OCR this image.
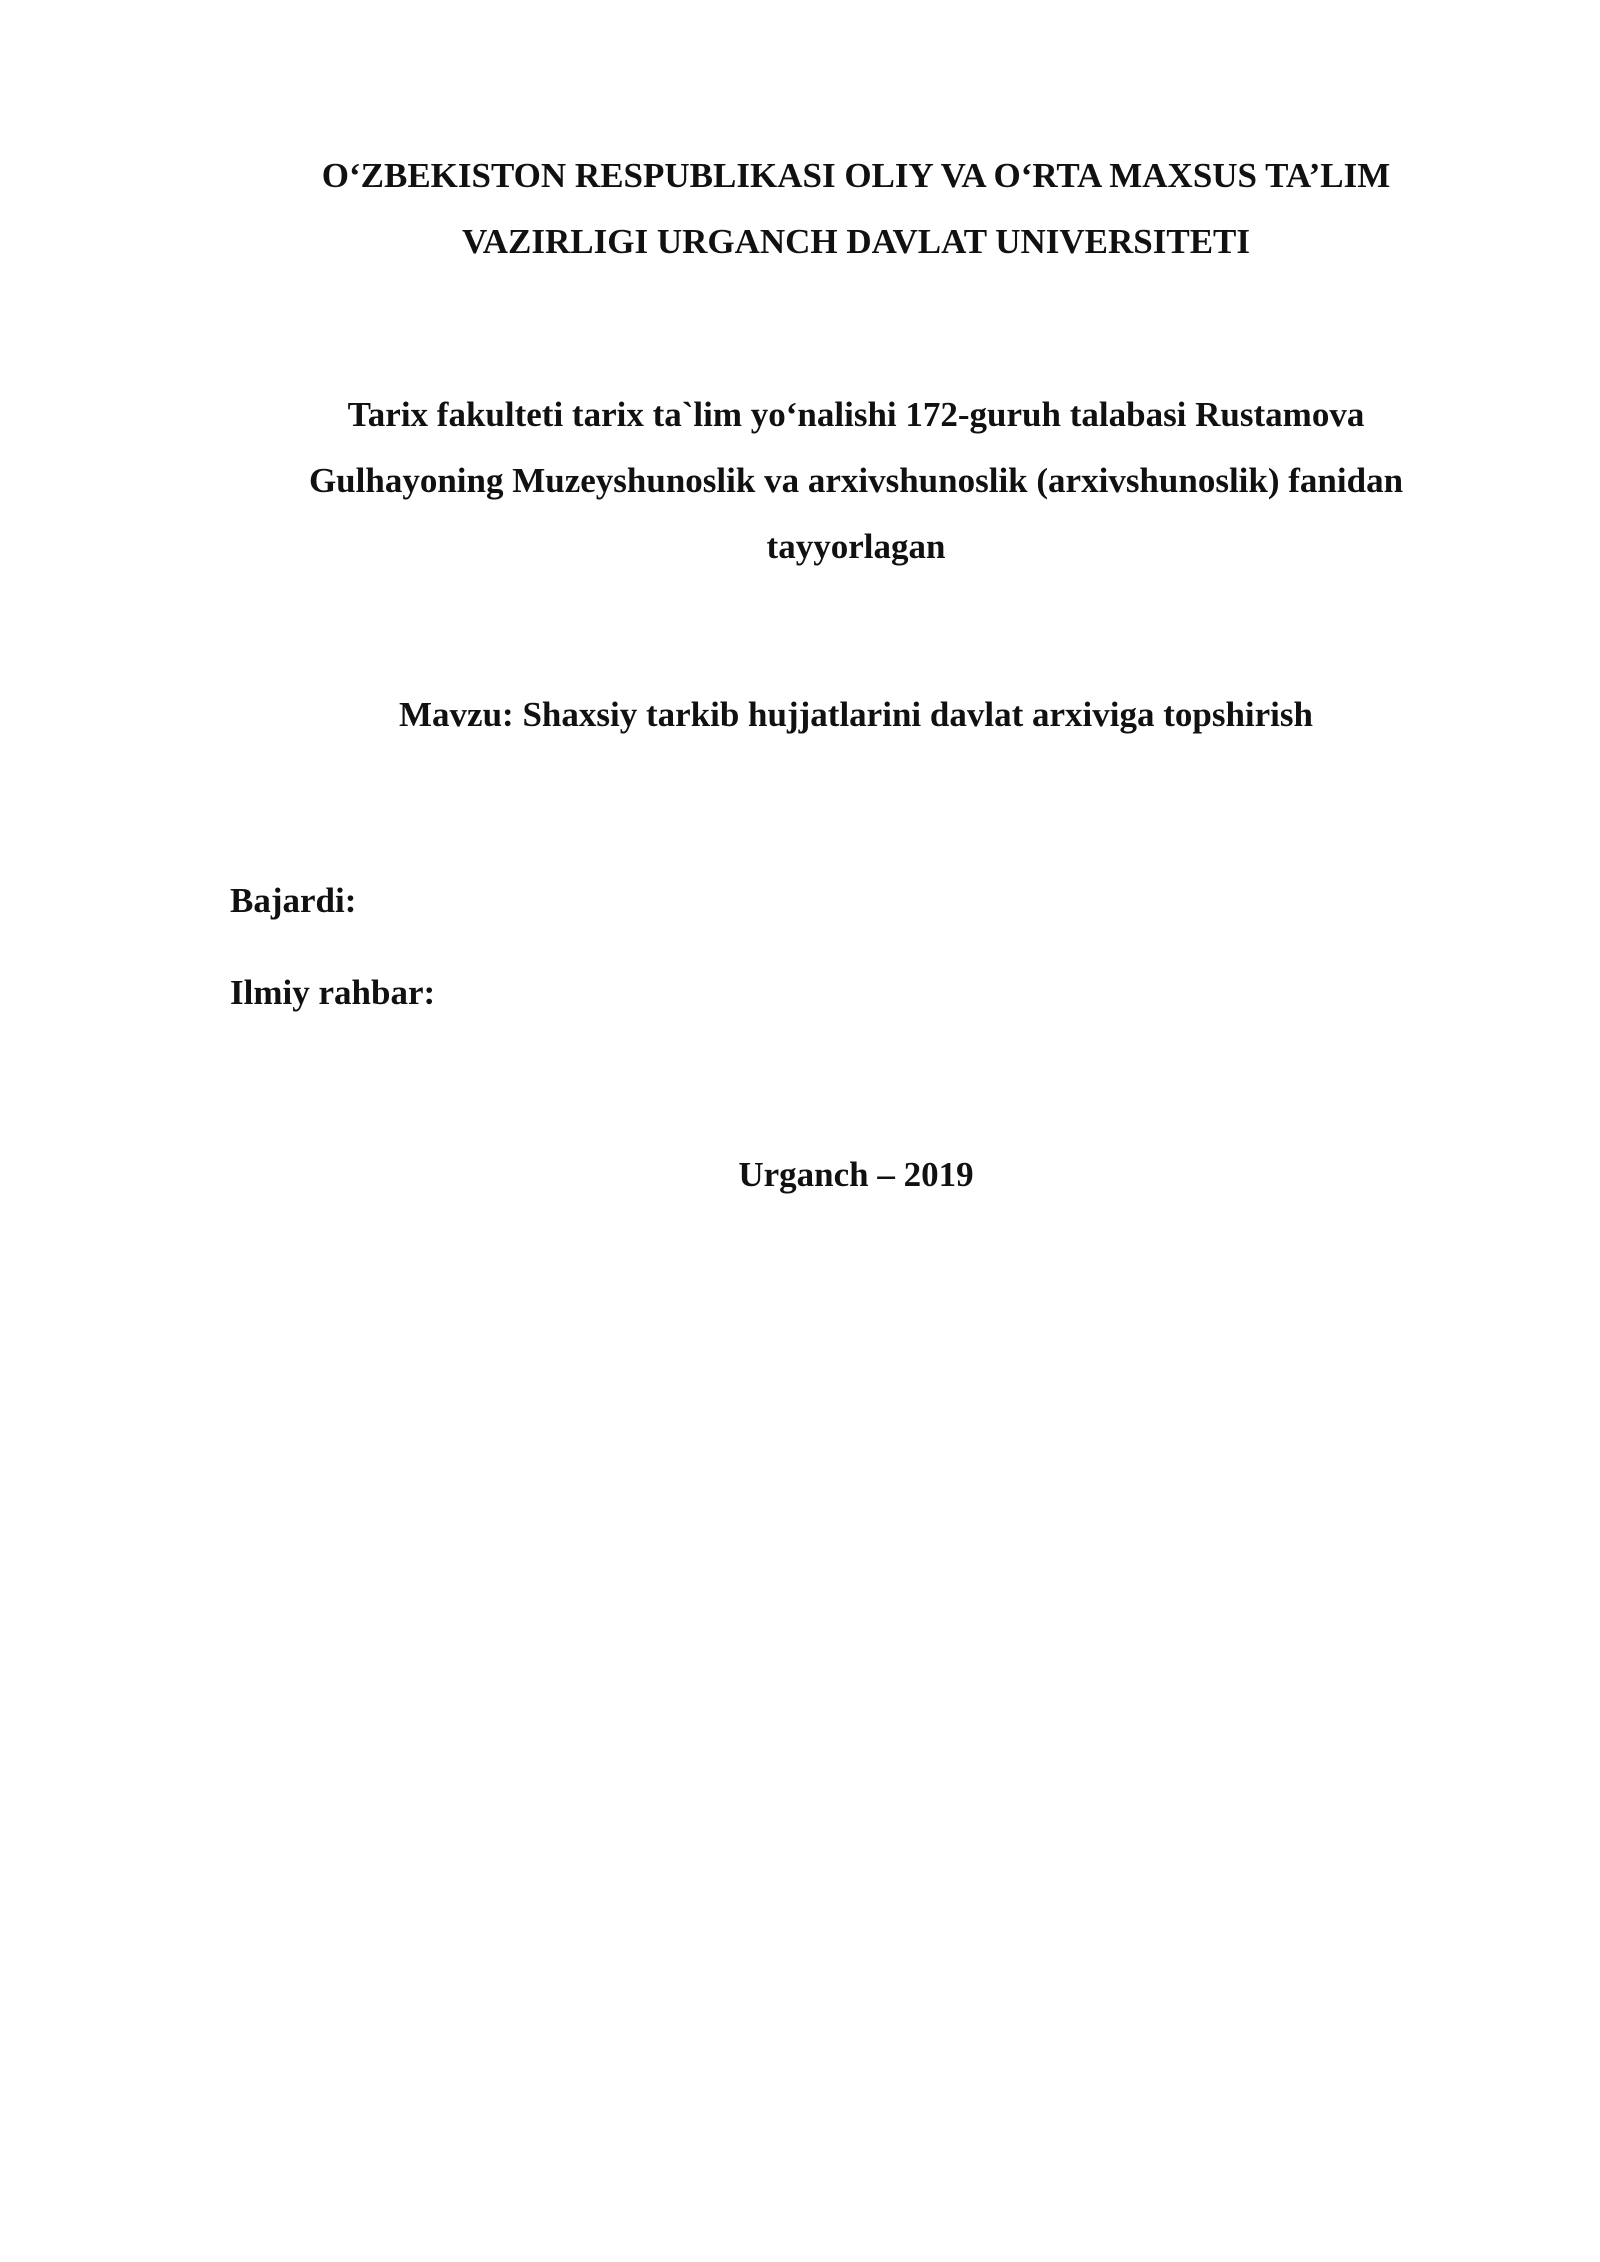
O‘ZBEKISTON RESPUBLIKASI OLIY VA O‘RTA MAXSUS TA’LIM
VAZIRLIGI URGANCH DAVLAT UNIVERSITETI
Tarix fakulteti tarix ta`lim yo‘nalishi 172-guruh talabasi Rustamova
Gulhayoning Muzeyshunoslik va arxivshunoslik (arxivshunoslik) fanidan
tayyorlagan
Mavzu: Shaxsiy tarkib hujjatlarini davlat arxiviga topshirish
Bajardi:
Ilmiy rahbar:
Urganch – 2019
